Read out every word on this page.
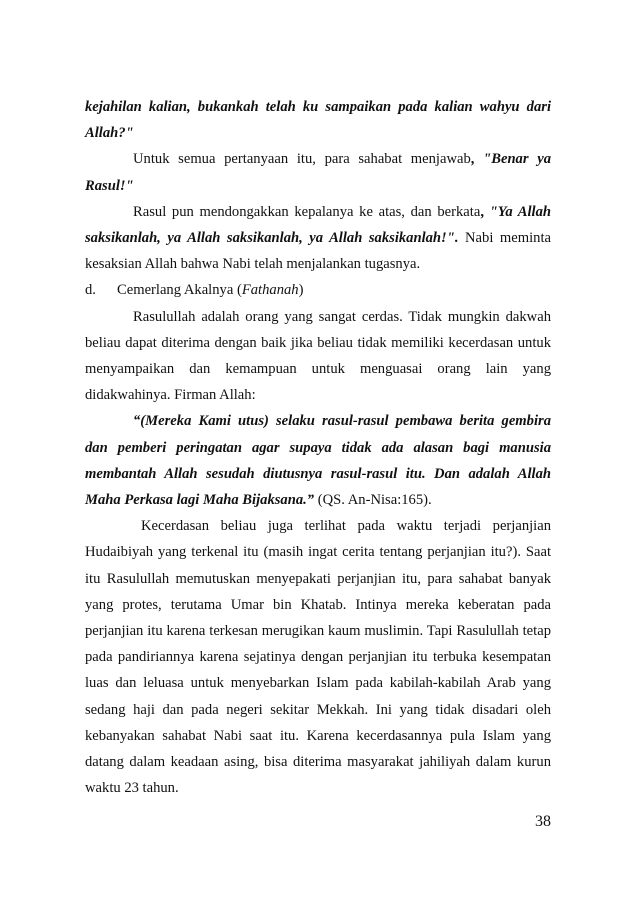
kejahilan kalian, bukankah telah ku sampaikan pada kalian wahyu dari Allah?"

Untuk semua pertanyaan itu, para sahabat menjawab, "Benar ya Rasul!"

Rasul pun mendongakkan kepalanya ke atas, dan berkata, "Ya Allah saksikanlah, ya Allah saksikanlah, ya Allah saksikanlah!". Nabi meminta kesaksian Allah bahwa Nabi telah menjalankan tugasnya.

d. Cemerlang Akalnya (Fathanah)

Rasulullah adalah orang yang sangat cerdas. Tidak mungkin dakwah beliau dapat diterima dengan baik jika beliau tidak memiliki kecerdasan untuk menyampaikan dan kemampuan untuk menguasai orang lain yang didakwahinya. Firman Allah:

“(Mereka Kami utus) selaku rasul-rasul pembawa berita gembira dan pemberi peringatan agar supaya tidak ada alasan bagi manusia membantah Allah sesudah diutusnya rasul-rasul itu. Dan adalah Allah Maha Perkasa lagi Maha Bijaksana.” (QS. An-Nisa:165).

Kecerdasan beliau juga terlihat pada waktu terjadi perjanjian Hudaibiyah yang terkenal itu (masih ingat cerita tentang perjanjian itu?). Saat itu Rasulullah memutuskan menyepakati perjanjian itu, para sahabat banyak yang protes, terutama Umar bin Khatab. Intinya mereka keberatan pada perjanjian itu karena terkesan merugikan kaum muslimin. Tapi Rasulullah tetap pada pandiriannya karena sejatinya dengan perjanjian itu terbuka kesempatan luas dan leluasa untuk menyebarkan Islam pada kabilah-kabilah Arab yang sedang haji dan pada negeri sekitar Mekkah. Ini yang tidak disadari oleh kebanyakan sahabat Nabi saat itu. Karena kecerdasannya pula Islam yang datang dalam keadaan asing, bisa diterima masyarakat jahiliyah dalam kurun waktu 23 tahun.

38
